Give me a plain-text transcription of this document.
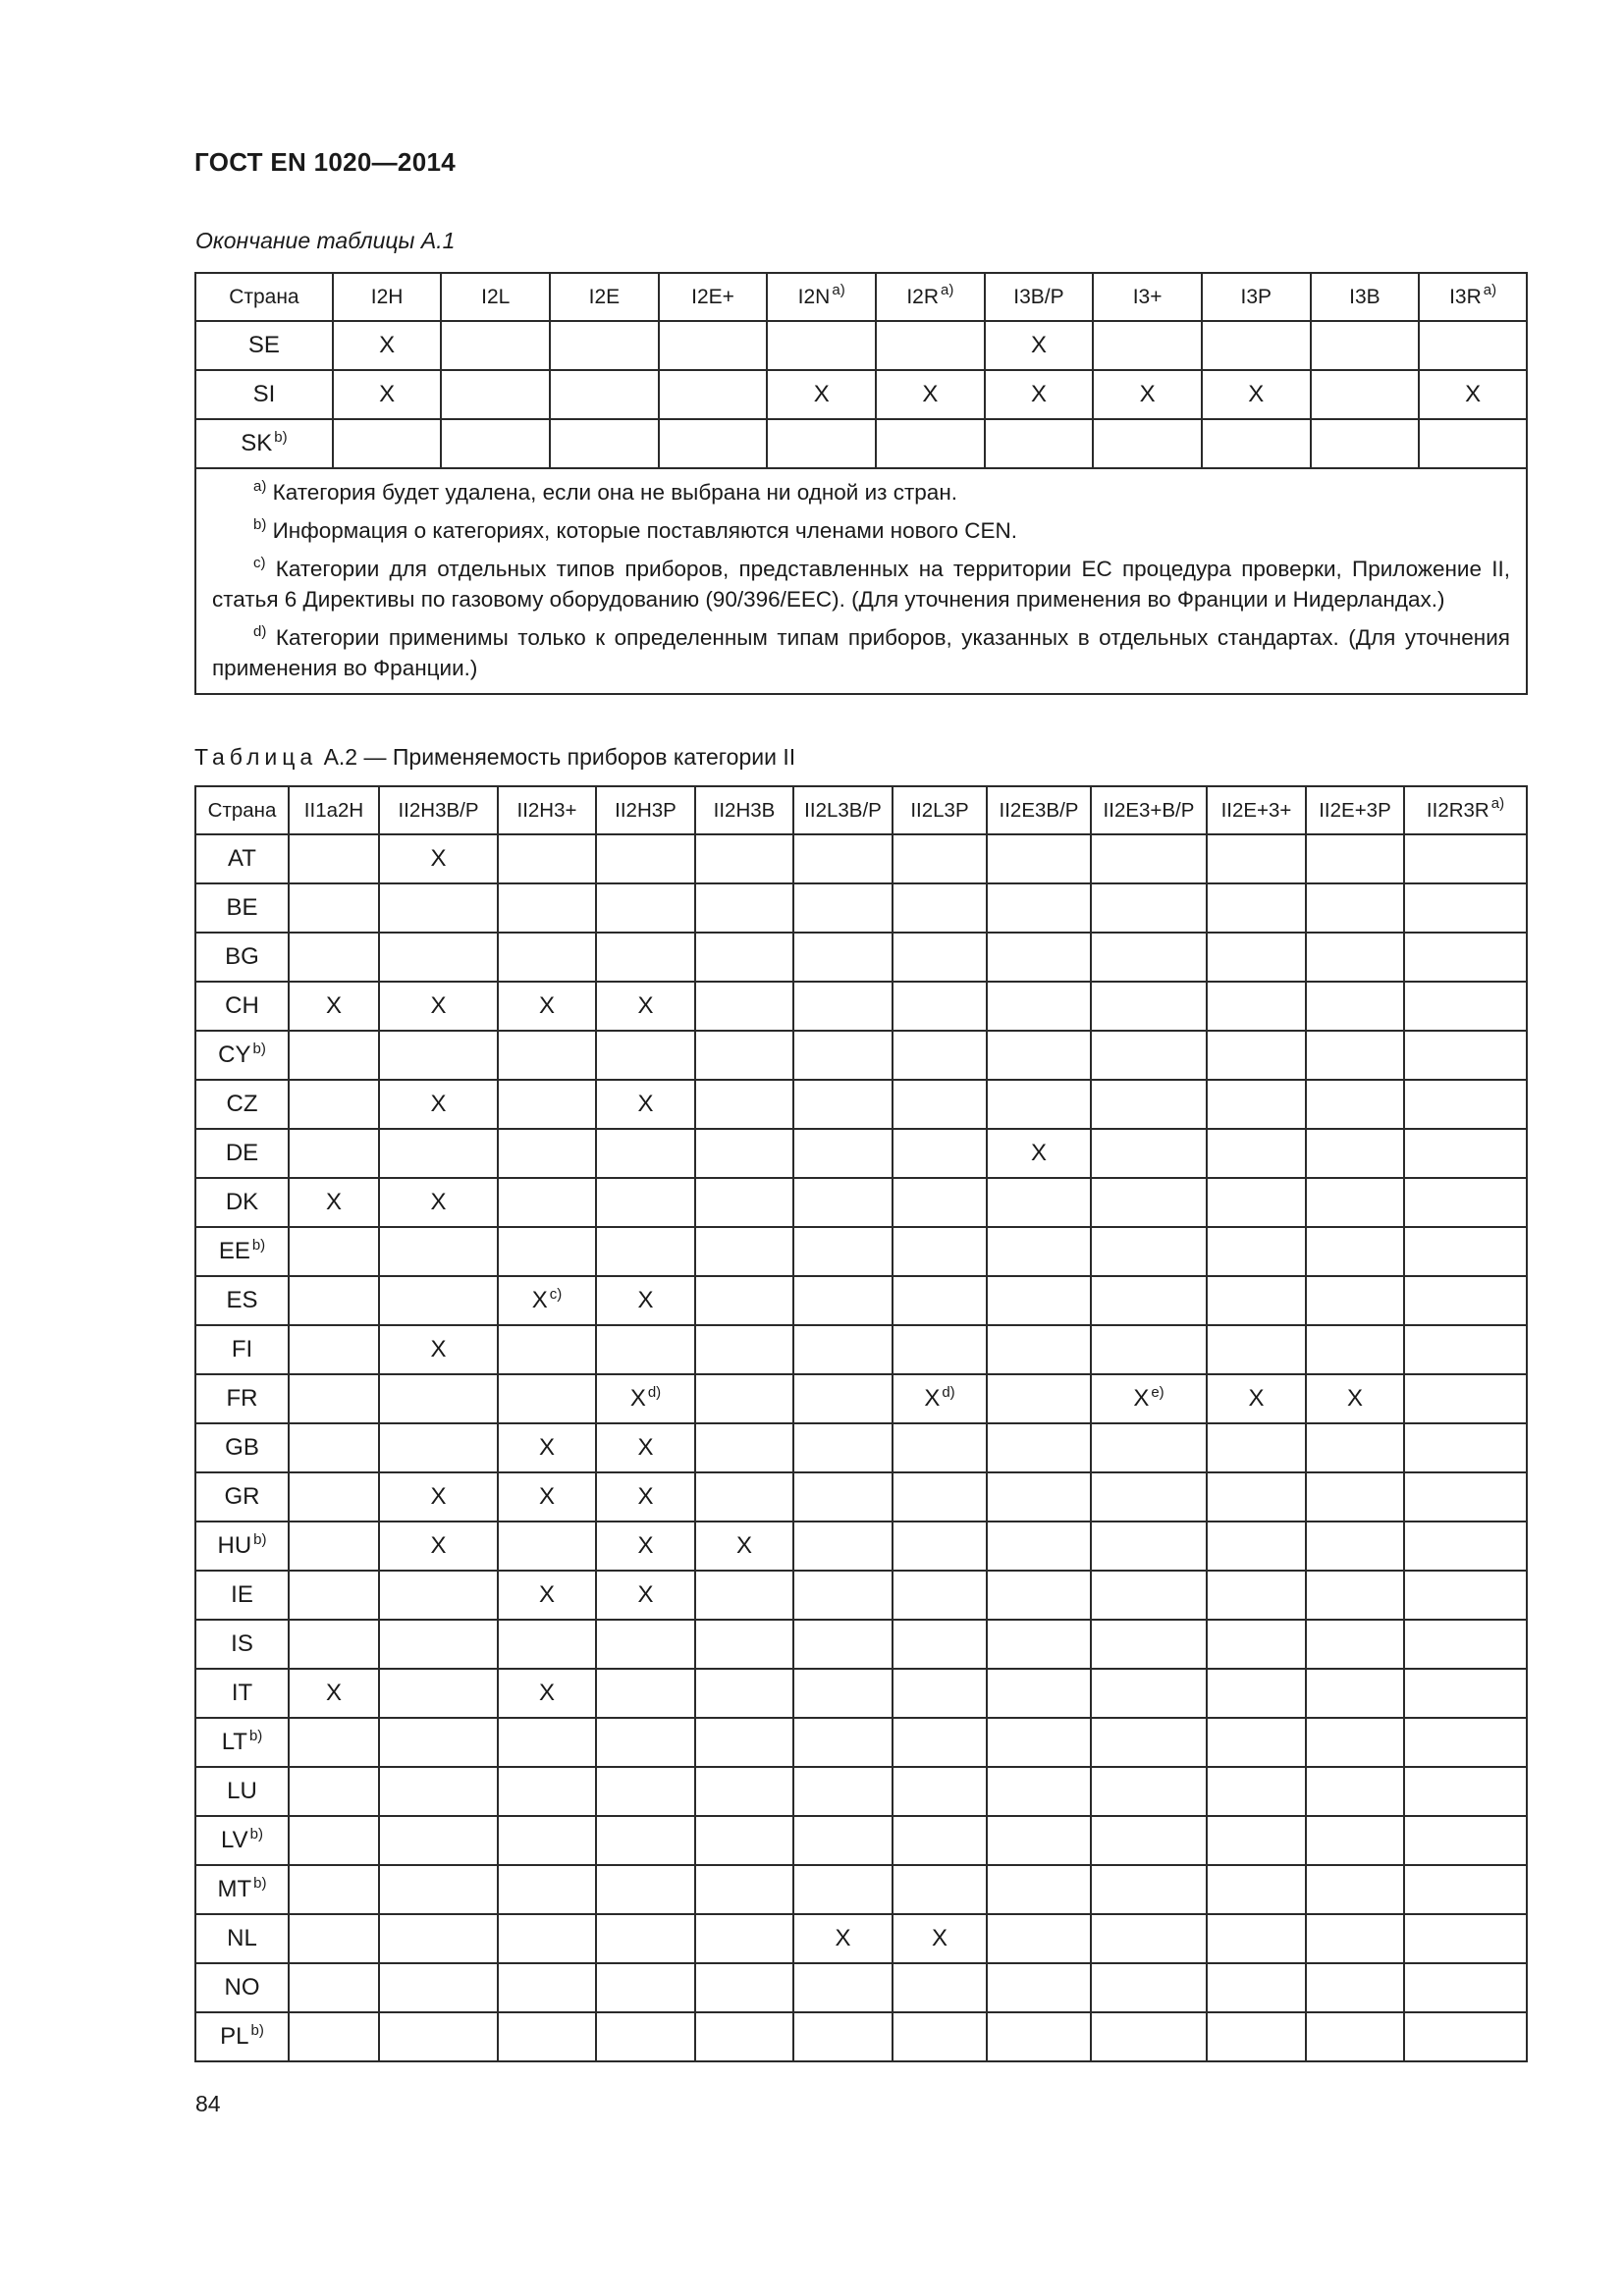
ГОСТ EN 1020—2014
Окончание таблицы А.1
Страна	I2H	I2L	I2E	I2E+	I2N $^{a)}$	I2R $^{a)}$	I3B/P	I3+	I3P	I3B	I3R $^{a)}$
SE	X						X				
SI	X				X	X	X	X	X		X
SK $^{b)}$											

$^{a)}$ Категория будет удалена, если она не выбрана ни одной из стран.
$^{b)}$ Информация о категориях, которые поставляются членами нового CEN.
$^{c)}$ Категории для отдельных типов приборов, представленных на территории ЕС процедура проверки, Приложение II, статья 6 Директивы по газовому оборудованию (90/396/EEC). (Для уточнения применения во Франции и Нидерландах.)
$^{d)}$ Категории применимы только к определенным типам приборов, указанных в отдельных стандартах. (Для уточнения применения во Франции.)											
Таблица А.2 — Применяемость приборов категории II
Страна	II1a2H	II2H3B/P	II2H3+	II2H3P	II2H3B	II2L3B/P	II2L3P	II2E3B/P	II2E3+B/P	II2E+3+	II2E+3P	II2R3R $^{a)}$
AT		X										
BE												
BG												
CH	X	X	X	X								
CY $^{b)}$												
CZ		X		X								
DE								X				
DK	X	X										
EE $^{b)}$												
ES			X $^{c)}$	X								
FI		X										
FR				X $^{d)}$			X $^{d)}$		X $^{e)}$	X	X	
GB			X	X								
GR		X	X	X								
HU $^{b)}$		X		X	X							
IE			X	X								
IS												
IT	X		X									
LT $^{b)}$												
LU												
LV $^{b)}$												
MT $^{b)}$												
NL						X	X					
NO												
PL $^{b)}$												
84
